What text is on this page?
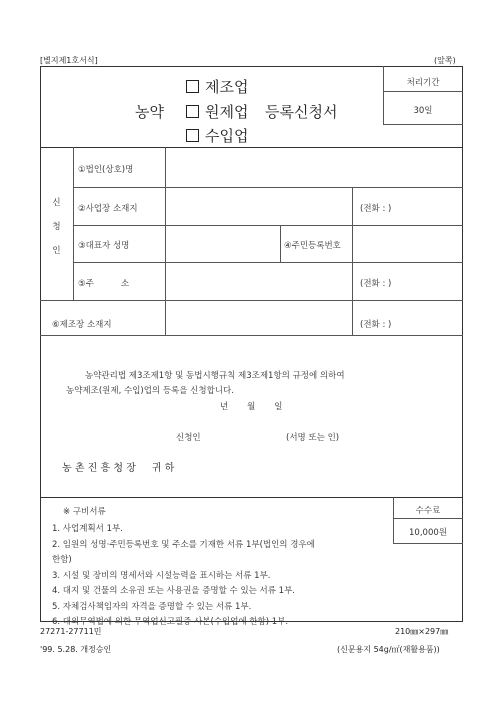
[별지제1호서식]	(앞쪽)
제조업
농약	원제업 등록신청서
수입업
처리기간
30일
신
청
인
①법인(상호)명
②사업장 소재지	(전화 : )
③대표자 성명	④주민등록번호
⑤주          소	(전화 : )
⑥제조장 소재지	(전화 : )
농약관리법 제3조제1항 및 동법시행규칙 제3조제1항의 규정에 의하여
농약제조(원제, 수입)업의 등록을 신청합니다.
년       월       일
신청인	(서명 또는 인)
농 촌 진 흥 청 장     귀 하
※ 구비서류	수수료
10,000원
1. 사업계획서 1부.
2. 임원의 성명·주민등록번호 및 주소를 기재한 서류 1부(법인의 경우에
한함)
3. 시설 및 장비의 명세서와 시설능력을 표시하는 서류 1부.
4. 대지 및 건물의 소유권 또는 사용권을 증명할 수 있는 서류 1부.
5. 자체검사책임자의 자격을 증명할 수 있는 서류 1부.
6. 대외무역법에 의한 무역업신고필증 사본(수입업에 한함) 1부.
27271-27711민	210㎜×297㎜
'99. 5.28. 개정승인	(신문용지 54g/㎡(재활용품))
